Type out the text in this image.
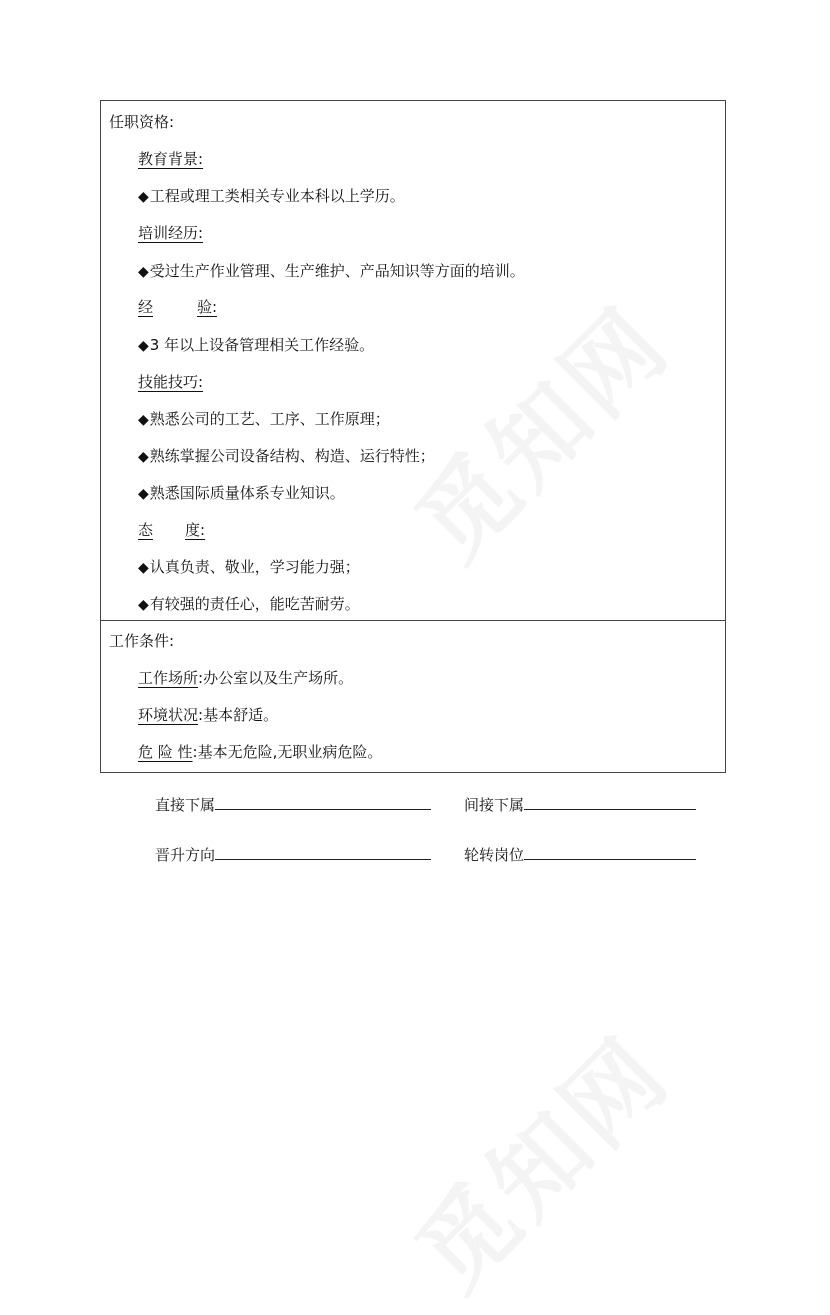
任职资格:
教育背景:
◆工程或理工类相关专业本科以上学历。
培训经历:
◆受过生产作业管理、生产维护、产品知识等方面的培训。
经	验:
◆3 年以上设备管理相关工作经验。
技能技巧:
◆熟悉公司的工艺、工序、工作原理；
◆熟练掌握公司设备结构、构造、运行特性；
◆熟悉国际质量体系专业知识。
态 度:
◆认真负责、敬业，学习能力强；
◆有较强的责任心，能吃苦耐劳。
工作条件:
工作场所:办公室以及生产场所。
环境状况:基本舒适。
危 险 性:基本无危险,无职业病危险。
直接下属	间接下属
晋升方向	轮转岗位
